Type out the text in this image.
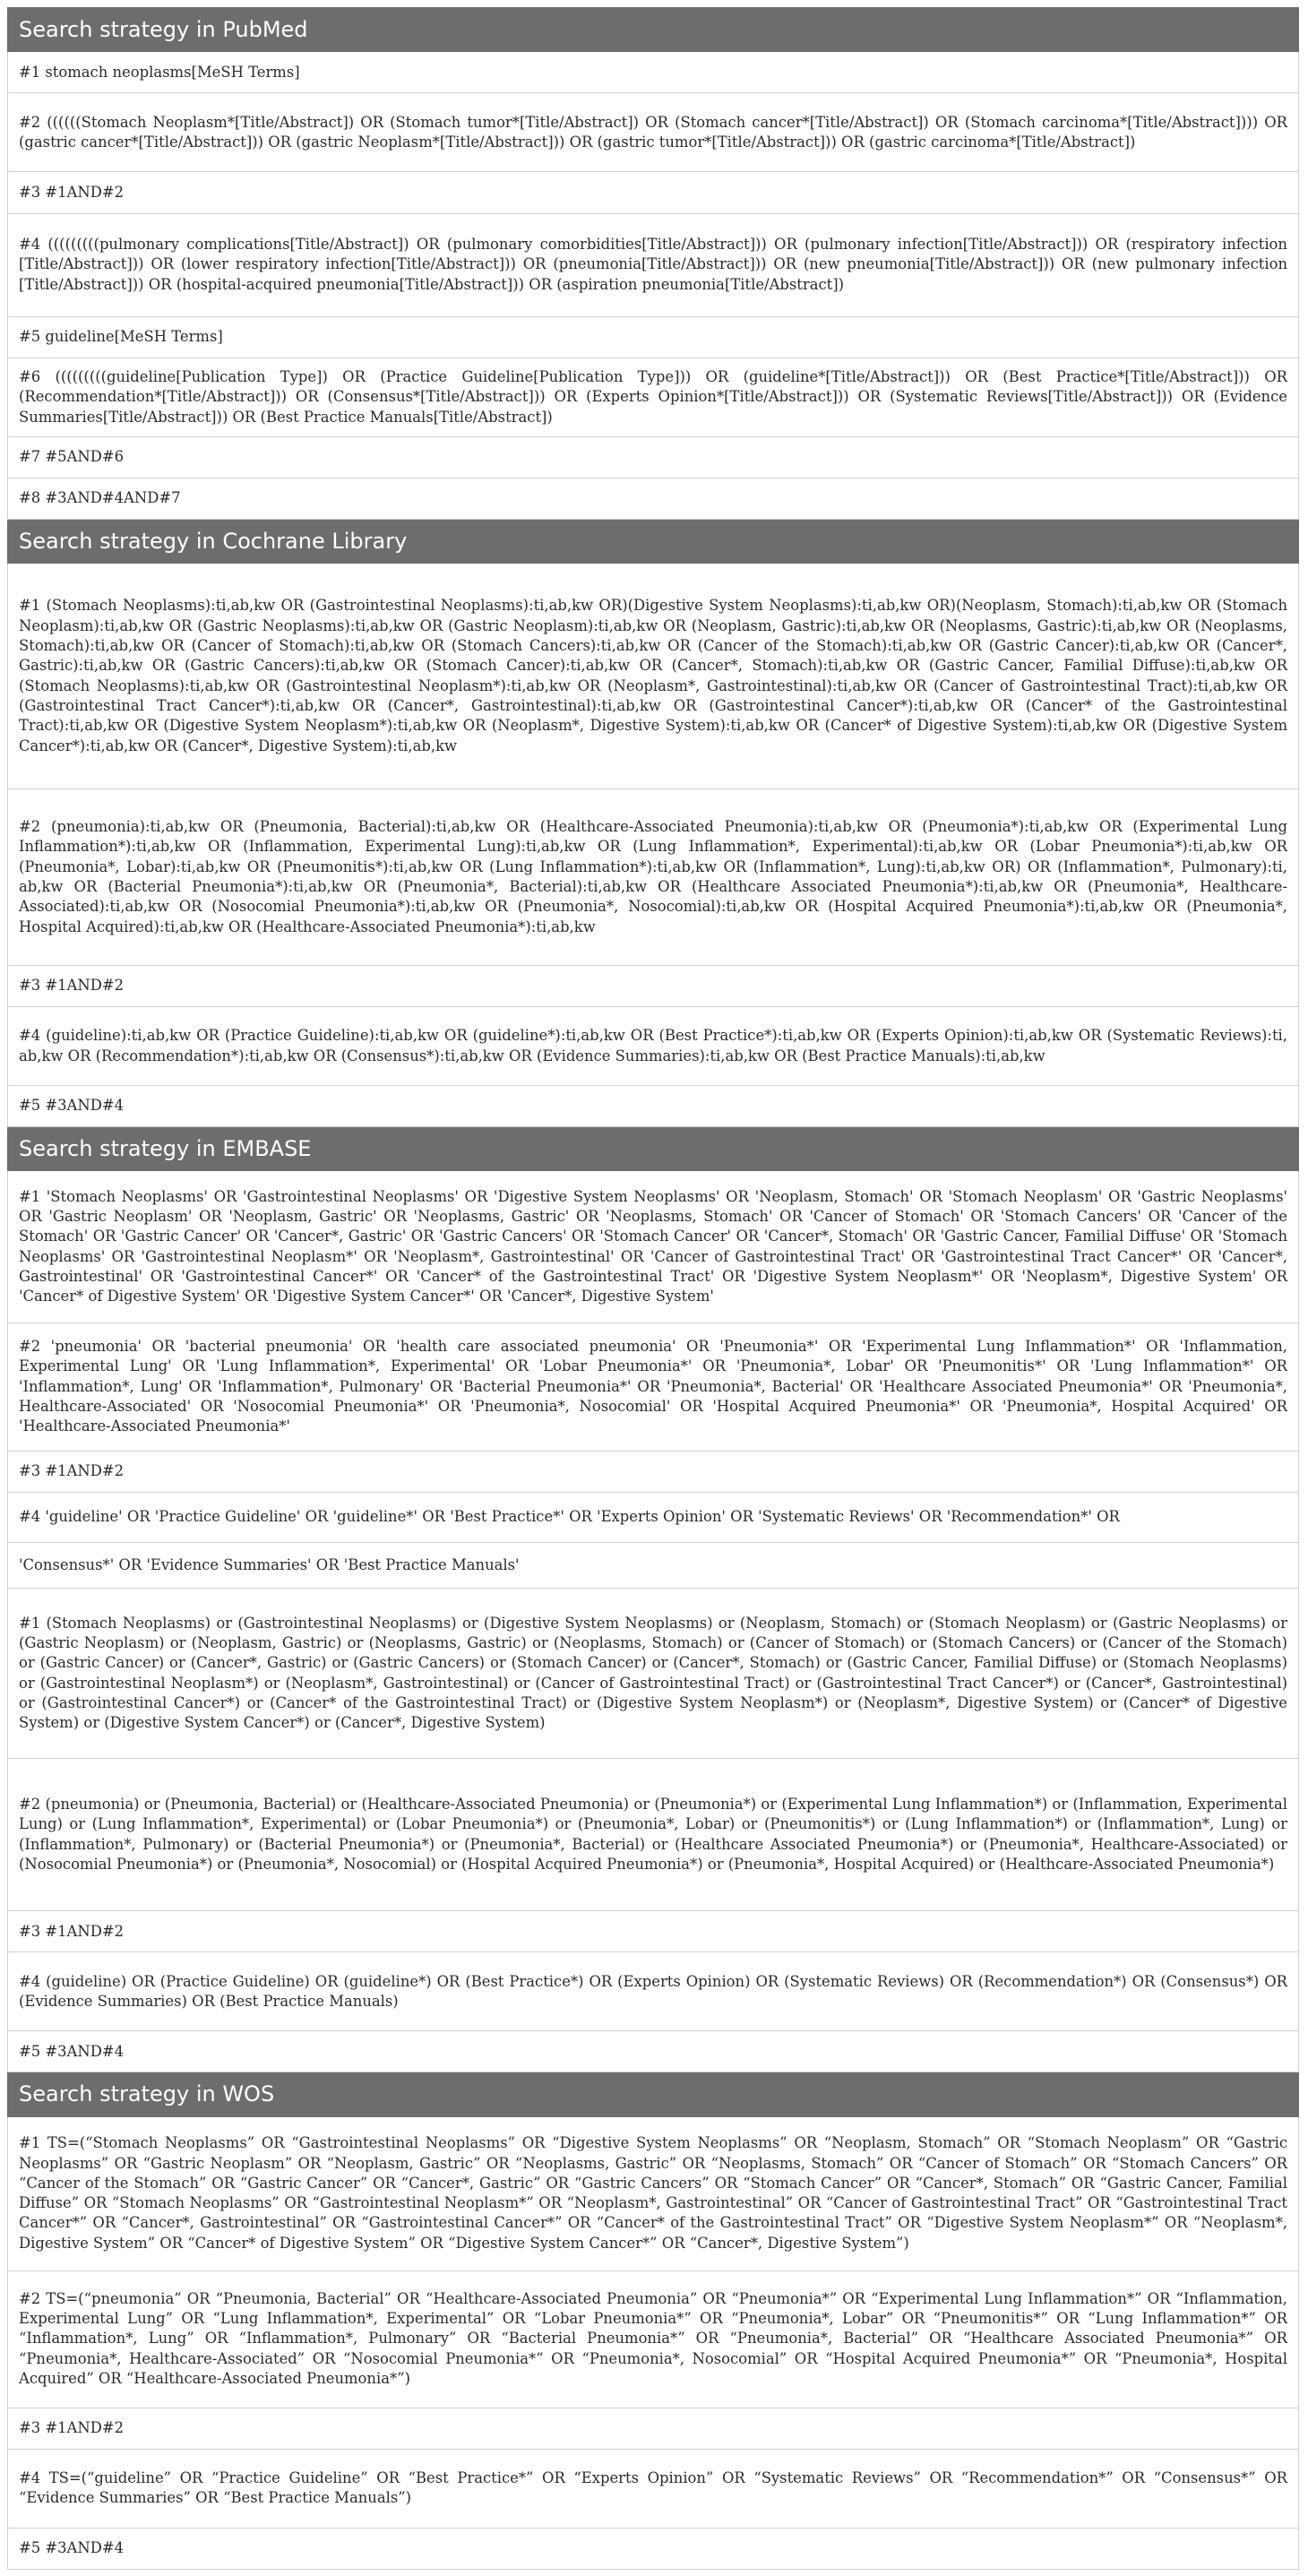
Search strategy in PubMed
#1 stomach neoplasms[MeSH Terms]
#2 ((((((Stomach Neoplasm*[Title/Abstract]) OR (Stomach tumor*[Title/Abstract]) OR (Stomach cancer*[Title/Abstract]) OR (Stomach carcinoma*[Title/Abstract]))) OR (gastric cancer*[Title/Abstract])) OR (gastric Neoplasm*[Title/Abstract])) OR (gastric tumor*[Title/Abstract])) OR (gastric carcinoma*[Title/Abstract])
#3 #1AND#2
#4 (((((((((pulmonary complications[Title/Abstract]) OR (pulmonary comorbidities[Title/Abstract])) OR (pulmonary infection[Title/Abstract])) OR (respiratory infection [Title/Abstract])) OR (lower respiratory infection[Title/Abstract])) OR (pneumonia[Title/Abstract])) OR (new pneumonia[Title/Abstract])) OR (new pulmonary infection [Title/Abstract])) OR (hospital-acquired pneumonia[Title/Abstract])) OR (aspiration pneumonia[Title/Abstract])
#5 guideline[MeSH Terms]
#6 (((((((((guideline[Publication Type]) OR (Practice Guideline[Publication Type])) OR (guideline*[Title/Abstract])) OR (Best Practice*[Title/Abstract])) OR (Recommendation*[Title/Abstract])) OR (Consensus*[Title/Abstract])) OR (Experts Opinion*[Title/Abstract])) OR (Systematic Reviews[Title/Abstract])) OR (Evidence Summaries[Title/Abstract])) OR (Best Practice Manuals[Title/Abstract])
#7 #5AND#6
#8 #3AND#4AND#7
Search strategy in Cochrane Library
#1 (Stomach Neoplasms):ti,ab,kw OR (Gastrointestinal Neoplasms):ti,ab,kw OR)(Digestive System Neoplasms):ti,ab,kw OR)(Neoplasm, Stomach):ti,ab,kw OR (Stomach Neoplasm):ti,ab,kw OR (Gastric Neoplasms):ti,ab,kw OR (Gastric Neoplasm):ti,ab,kw OR (Neoplasm, Gastric):ti,ab,kw OR (Neoplasms, Gastric):ti,ab,kw OR (Neoplasms, Stomach):ti,ab,kw OR (Cancer of Stomach):ti,ab,kw OR (Stomach Cancers):ti,ab,kw OR (Cancer of the Stomach):ti,ab,kw OR (Gastric Cancer):ti,ab,kw OR (Cancer*, Gastric):ti,ab,kw OR (Gastric Cancers):ti,ab,kw OR (Stomach Cancer):ti,ab,kw OR (Cancer*, Stomach):ti,ab,kw OR (Gastric Cancer, Familial Diffuse):ti,ab,kw OR (Stomach Neoplasms):ti,ab,kw OR (Gastrointestinal Neoplasm*):ti,ab,kw OR (Neoplasm*, Gastrointestinal):ti,ab,kw OR (Cancer of Gastrointestinal Tract):ti,ab,kw OR (Gastrointestinal Tract Cancer*):ti,ab,kw OR (Cancer*, Gastrointestinal):ti,ab,kw OR (Gastrointestinal Cancer*):ti,ab,kw OR (Cancer* of the Gastrointestinal Tract):ti,ab,kw OR (Digestive System Neoplasm*):ti,ab,kw OR (Neoplasm*, Digestive System):ti,ab,kw OR (Cancer* of Digestive System):ti,ab,kw OR (Digestive System Cancer*):ti,ab,kw OR (Cancer*, Digestive System):ti,ab,kw
#2 (pneumonia):ti,ab,kw OR (Pneumonia, Bacterial):ti,ab,kw OR (Healthcare-Associated Pneumonia):ti,ab,kw OR (Pneumonia*):ti,ab,kw OR (Experimental Lung Inflammation*):ti,ab,kw OR (Inflammation, Experimental Lung):ti,ab,kw OR (Lung Inflammation*, Experimental):ti,ab,kw OR (Lobar Pneumonia*):ti,ab,kw OR (Pneumonia*, Lobar):ti,ab,kw OR (Pneumonitis*):ti,ab,kw OR (Lung Inflammation*):ti,ab,kw OR (Inflammation*, Lung):ti,ab,kw OR) OR (Inflammation*, Pulmonary):ti, ab,kw OR (Bacterial Pneumonia*):ti,ab,kw OR (Pneumonia*, Bacterial):ti,ab,kw OR (Healthcare Associated Pneumonia*):ti,ab,kw OR (Pneumonia*, Healthcare-Associated):ti,ab,kw OR (Nosocomial Pneumonia*):ti,ab,kw OR (Pneumonia*, Nosocomial):ti,ab,kw OR (Hospital Acquired Pneumonia*):ti,ab,kw OR (Pneumonia*, Hospital Acquired):ti,ab,kw OR (Healthcare-Associated Pneumonia*):ti,ab,kw
#3 #1AND#2
#4 (guideline):ti,ab,kw OR (Practice Guideline):ti,ab,kw OR (guideline*):ti,ab,kw OR (Best Practice*):ti,ab,kw OR (Experts Opinion):ti,ab,kw OR (Systematic Reviews):ti, ab,kw OR (Recommendation*):ti,ab,kw OR (Consensus*):ti,ab,kw OR (Evidence Summaries):ti,ab,kw OR (Best Practice Manuals):ti,ab,kw
#5 #3AND#4
Search strategy in EMBASE
#1 'Stomach Neoplasms' OR 'Gastrointestinal Neoplasms' OR 'Digestive System Neoplasms' OR 'Neoplasm, Stomach' OR 'Stomach Neoplasm' OR 'Gastric Neoplasms' OR 'Gastric Neoplasm' OR 'Neoplasm, Gastric' OR 'Neoplasms, Gastric' OR 'Neoplasms, Stomach' OR 'Cancer of Stomach' OR 'Stomach Cancers' OR 'Cancer of the Stomach' OR 'Gastric Cancer' OR 'Cancer*, Gastric' OR 'Gastric Cancers' OR 'Stomach Cancer' OR 'Cancer*, Stomach' OR 'Gastric Cancer, Familial Diffuse' OR 'Stomach Neoplasms' OR 'Gastrointestinal Neoplasm*' OR 'Neoplasm*, Gastrointestinal' OR 'Cancer of Gastrointestinal Tract' OR 'Gastrointestinal Tract Cancer*' OR 'Cancer*, Gastrointestinal' OR 'Gastrointestinal Cancer*' OR 'Cancer* of the Gastrointestinal Tract' OR 'Digestive System Neoplasm*' OR 'Neoplasm*, Digestive System' OR 'Cancer* of Digestive System' OR 'Digestive System Cancer*' OR 'Cancer*, Digestive System'
#2 'pneumonia' OR 'bacterial pneumonia' OR 'health care associated pneumonia' OR 'Pneumonia*' OR 'Experimental Lung Inflammation*' OR 'Inflammation, Experimental Lung' OR 'Lung Inflammation*, Experimental' OR 'Lobar Pneumonia*' OR 'Pneumonia*, Lobar' OR 'Pneumonitis*' OR 'Lung Inflammation*' OR 'Inflammation*, Lung' OR 'Inflammation*, Pulmonary' OR 'Bacterial Pneumonia*' OR 'Pneumonia*, Bacterial' OR 'Healthcare Associated Pneumonia*' OR 'Pneumonia*, Healthcare-Associated' OR 'Nosocomial Pneumonia*' OR 'Pneumonia*, Nosocomial' OR 'Hospital Acquired Pneumonia*' OR 'Pneumonia*, Hospital Acquired' OR 'Healthcare-Associated Pneumonia*'
#3 #1AND#2
#4 'guideline' OR 'Practice Guideline' OR 'guideline*' OR 'Best Practice*' OR 'Experts Opinion' OR 'Systematic Reviews' OR 'Recommendation*' OR
'Consensus*' OR 'Evidence Summaries' OR 'Best Practice Manuals'
#1 (Stomach Neoplasms) or (Gastrointestinal Neoplasms) or (Digestive System Neoplasms) or (Neoplasm, Stomach) or (Stomach Neoplasm) or (Gastric Neoplasms) or (Gastric Neoplasm) or (Neoplasm, Gastric) or (Neoplasms, Gastric) or (Neoplasms, Stomach) or (Cancer of Stomach) or (Stomach Cancers) or (Cancer of the Stomach) or (Gastric Cancer) or (Cancer*, Gastric) or (Gastric Cancers) or (Stomach Cancer) or (Cancer*, Stomach) or (Gastric Cancer, Familial Diffuse) or (Stomach Neoplasms) or (Gastrointestinal Neoplasm*) or (Neoplasm*, Gastrointestinal) or (Cancer of Gastrointestinal Tract) or (Gastrointestinal Tract Cancer*) or (Cancer*, Gastrointestinal) or (Gastrointestinal Cancer*) or (Cancer* of the Gastrointestinal Tract) or (Digestive System Neoplasm*) or (Neoplasm*, Digestive System) or (Cancer* of Digestive System) or (Digestive System Cancer*) or (Cancer*, Digestive System)
#2 (pneumonia) or (Pneumonia, Bacterial) or (Healthcare-Associated Pneumonia) or (Pneumonia*) or (Experimental Lung Inflammation*) or (Inflammation, Experimental Lung) or (Lung Inflammation*, Experimental) or (Lobar Pneumonia*) or (Pneumonia*, Lobar) or (Pneumonitis*) or (Lung Inflammation*) or (Inflammation*, Lung) or (Inflammation*, Pulmonary) or (Bacterial Pneumonia*) or (Pneumonia*, Bacterial) or (Healthcare Associated Pneumonia*) or (Pneumonia*, Healthcare-Associated) or (Nosocomial Pneumonia*) or (Pneumonia*, Nosocomial) or (Hospital Acquired Pneumonia*) or (Pneumonia*, Hospital Acquired) or (Healthcare-Associated Pneumonia*)
#3 #1AND#2
#4 (guideline) OR (Practice Guideline) OR (guideline*) OR (Best Practice*) OR (Experts Opinion) OR (Systematic Reviews) OR (Recommendation*) OR (Consensus*) OR (Evidence Summaries) OR (Best Practice Manuals)
#5 #3AND#4
Search strategy in WOS
#1 TS=(“Stomach Neoplasms” OR “Gastrointestinal Neoplasms” OR “Digestive System Neoplasms” OR “Neoplasm, Stomach” OR “Stomach Neoplasm” OR “Gastric Neoplasms” OR “Gastric Neoplasm” OR “Neoplasm, Gastric” OR “Neoplasms, Gastric” OR “Neoplasms, Stomach” OR “Cancer of Stomach” OR “Stomach Cancers” OR “Cancer of the Stomach” OR “Gastric Cancer” OR “Cancer*, Gastric” OR “Gastric Cancers” OR “Stomach Cancer” OR “Cancer*, Stomach” OR “Gastric Cancer, Familial Diffuse” OR “Stomach Neoplasms” OR “Gastrointestinal Neoplasm*” OR “Neoplasm*, Gastrointestinal” OR “Cancer of Gastrointestinal Tract” OR “Gastrointestinal Tract Cancer*” OR “Cancer*, Gastrointestinal” OR “Gastrointestinal Cancer*” OR “Cancer* of the Gastrointestinal Tract” OR “Digestive System Neoplasm*” OR “Neoplasm*, Digestive System” OR “Cancer* of Digestive System” OR “Digestive System Cancer*” OR “Cancer*, Digestive System”)
#2 TS=(“pneumonia” OR “Pneumonia, Bacterial” OR “Healthcare-Associated Pneumonia” OR “Pneumonia*” OR “Experimental Lung Inflammation*” OR “Inflammation, Experimental Lung” OR “Lung Inflammation*, Experimental” OR “Lobar Pneumonia*” OR “Pneumonia*, Lobar” OR “Pneumonitis*” OR “Lung Inflammation*” OR “Inflammation*, Lung” OR “Inflammation*, Pulmonary” OR “Bacterial Pneumonia*” OR “Pneumonia*, Bacterial” OR “Healthcare Associated Pneumonia*” OR “Pneumonia*, Healthcare-Associated” OR “Nosocomial Pneumonia*” OR “Pneumonia*, Nosocomial” OR “Hospital Acquired Pneumonia*” OR “Pneumonia*, Hospital Acquired” OR “Healthcare-Associated Pneumonia*”)
#3 #1AND#2
#4 TS=(“guideline” OR “Practice Guideline” OR “Best Practice*” OR “Experts Opinion” OR “Systematic Reviews” OR “Recommendation*” OR “Consensus*” OR “Evidence Summaries” OR “Best Practice Manuals”)
#5 #3AND#4
